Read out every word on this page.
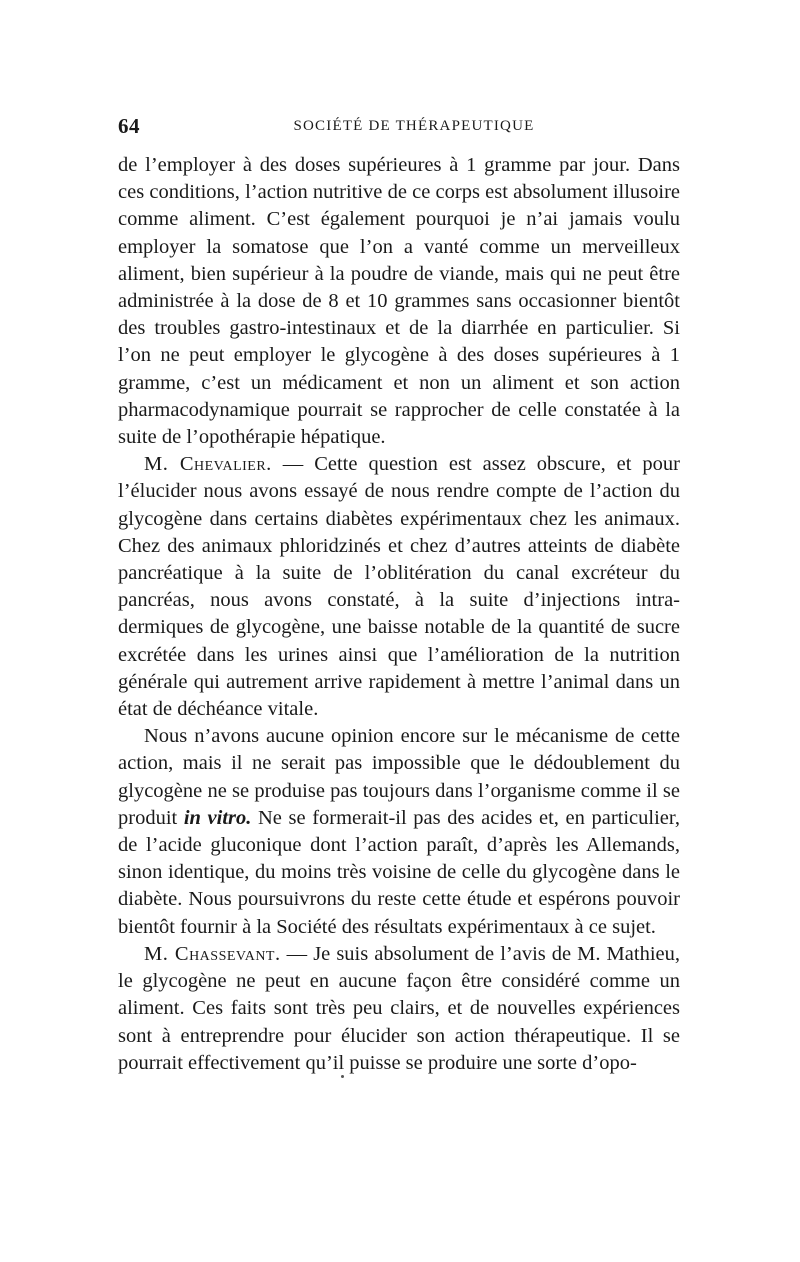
64	SOCIÉTÉ DE THÉRAPEUTIQUE

de l’employer à des doses supérieures à 1 gramme par jour. Dans ces conditions, l’action nutritive de ce corps est absolument illusoire comme aliment. C’est également pourquoi je n’ai jamais voulu employer la somatose que l’on a vanté comme un merveilleux aliment, bien supérieur à la poudre de viande, mais qui ne peut être administrée à la dose de 8 et 10 grammes sans occasionner bientôt des troubles gastro-intestinaux et de la diarrhée en particulier. Si l’on ne peut employer le glycogène à des doses supérieures à 1 gramme, c’est un médicament et non un aliment et son action pharmacodynamique pourrait se rapprocher de celle constatée à la suite de l’opothérapie hépatique.

M. Chevalier. — Cette question est assez obscure, et pour l’élucider nous avons essayé de nous rendre compte de l’action du glycogène dans certains diabètes expérimentaux chez les animaux. Chez des animaux phloridzinés et chez d’autres atteints de diabète pancréatique à la suite de l’oblitération du canal excréteur du pancréas, nous avons constaté, à la suite d’injections intra-dermiques de glycogène, une baisse notable de la quantité de sucre excrétée dans les urines ainsi que l’amélioration de la nutrition générale qui autrement arrive rapidement à mettre l’animal dans un état de déchéance vitale.

Nous n’avons aucune opinion encore sur le mécanisme de cette action, mais il ne serait pas impossible que le dédoublement du glycogène ne se produise pas toujours dans l’organisme comme il se produit in vitro. Ne se formerait-il pas des acides et, en particulier, de l’acide gluconique dont l’action paraît, d’après les Allemands, sinon identique, du moins très voisine de celle du glycogène dans le diabète. Nous poursuivrons du reste cette étude et espérons pouvoir bientôt fournir à la Société des résultats expérimentaux à ce sujet.

M. Chassevant. — Je suis absolument de l’avis de M. Mathieu, le glycogène ne peut en aucune façon être considéré comme un aliment. Ces faits sont très peu clairs, et de nouvelles expériences sont à entreprendre pour élucider son action thérapeutique. Il se pourrait effectivement qu’il puisse se produire une sorte d’opo-
